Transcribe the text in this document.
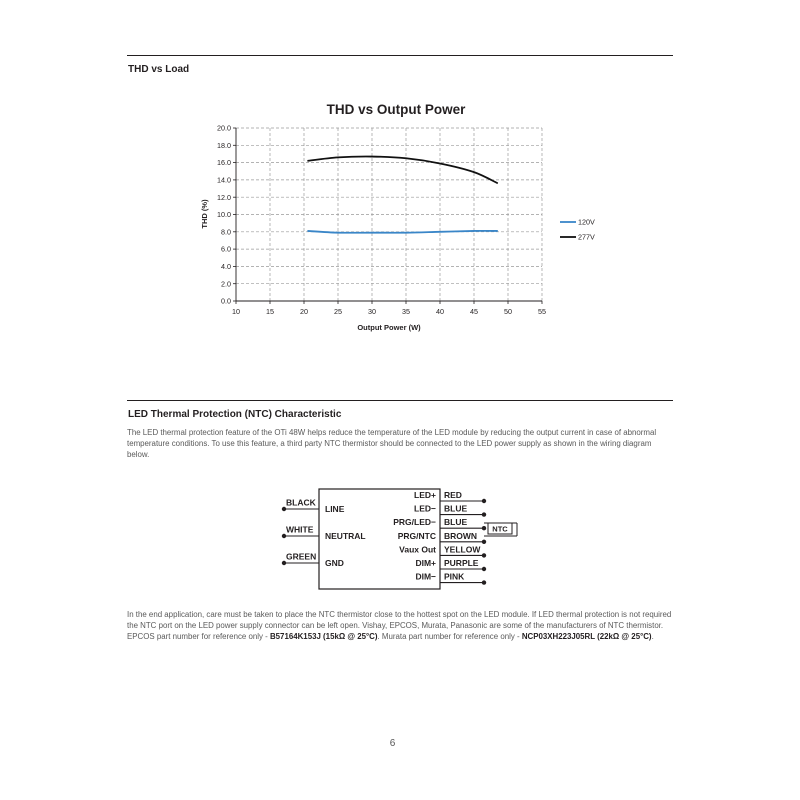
THD vs Load
THD vs Output Power
0.0
2.0
4.0
6.0
8.0
10.0
12.0
14.0
16.0
18.0
20.0
10	15	20	25	30	35	40	45	50	55
120V
277V
Output Power (W)
THD (%)
LED Thermal Protection (NTC) Characteristic
The LED thermal protection feature of the OTi 48W helps reduce the temperature of the LED module by reducing the output current in case of abnormal temperature conditions. To use this feature, a third party NTC thermistor should be connected to the LED power supply as shown in the wiring diagram below.
BLACK
LINE
WHITE
NEUTRAL
GREEN
GND
LED+ RED
LED− BLUE
PRG/LED− BLUE
PRG/NTC BROWN
Vaux Out YELLOW
DIM+ PURPLE
DIM− PINK
NTC
In the end application, care must be taken to place the NTC thermistor close to the hottest spot on the LED module. If LED thermal protection is not required the NTC port on the LED power supply connector can be left open. Vishay, EPCOS, Murata, Panasonic are some of the manufacturers of NTC thermistor. EPCOS part number for reference only - B57164K153J (15kΩ @ 25°C). Murata part number for reference only - NCP03XH223J05RL (22kΩ @ 25°C).
6
